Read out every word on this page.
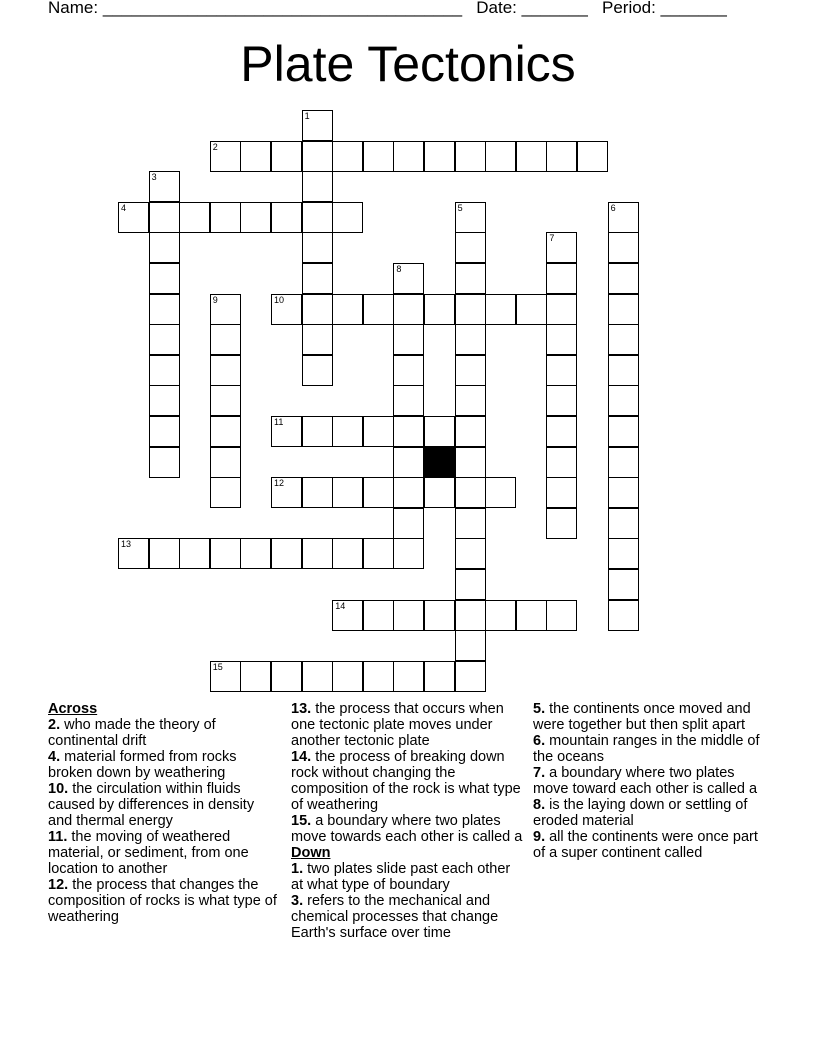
Name: ______________________________________ Date: _______ Period: _______
Plate Tectonics
2
4
10
11
12
13
14
15
1
3
5	6
7
8
9
Across
2. who made the theory of continental drift
4. material formed from rocks broken down by weathering
10. the circulation within fluids caused by differences in density and thermal energy
11. the moving of weathered material, or sediment, from one location to another
12. the process that changes the composition of rocks is what type of weathering
13. the process that occurs when one tectonic plate moves under another tectonic plate
14. the process of breaking down rock without changing the composition of the rock is what type of weathering
15. a boundary where two plates move towards each other is called a
Down
1. two plates slide past each other at what type of boundary
3. refers to the mechanical and chemical processes that change Earth's surface over time
5. the continents once moved and were together but then split apart
6. mountain ranges in the middle of the oceans
7. a boundary where two plates move toward each other is called a
8. is the laying down or settling of eroded material
9. all the continents were once part of a super continent called
